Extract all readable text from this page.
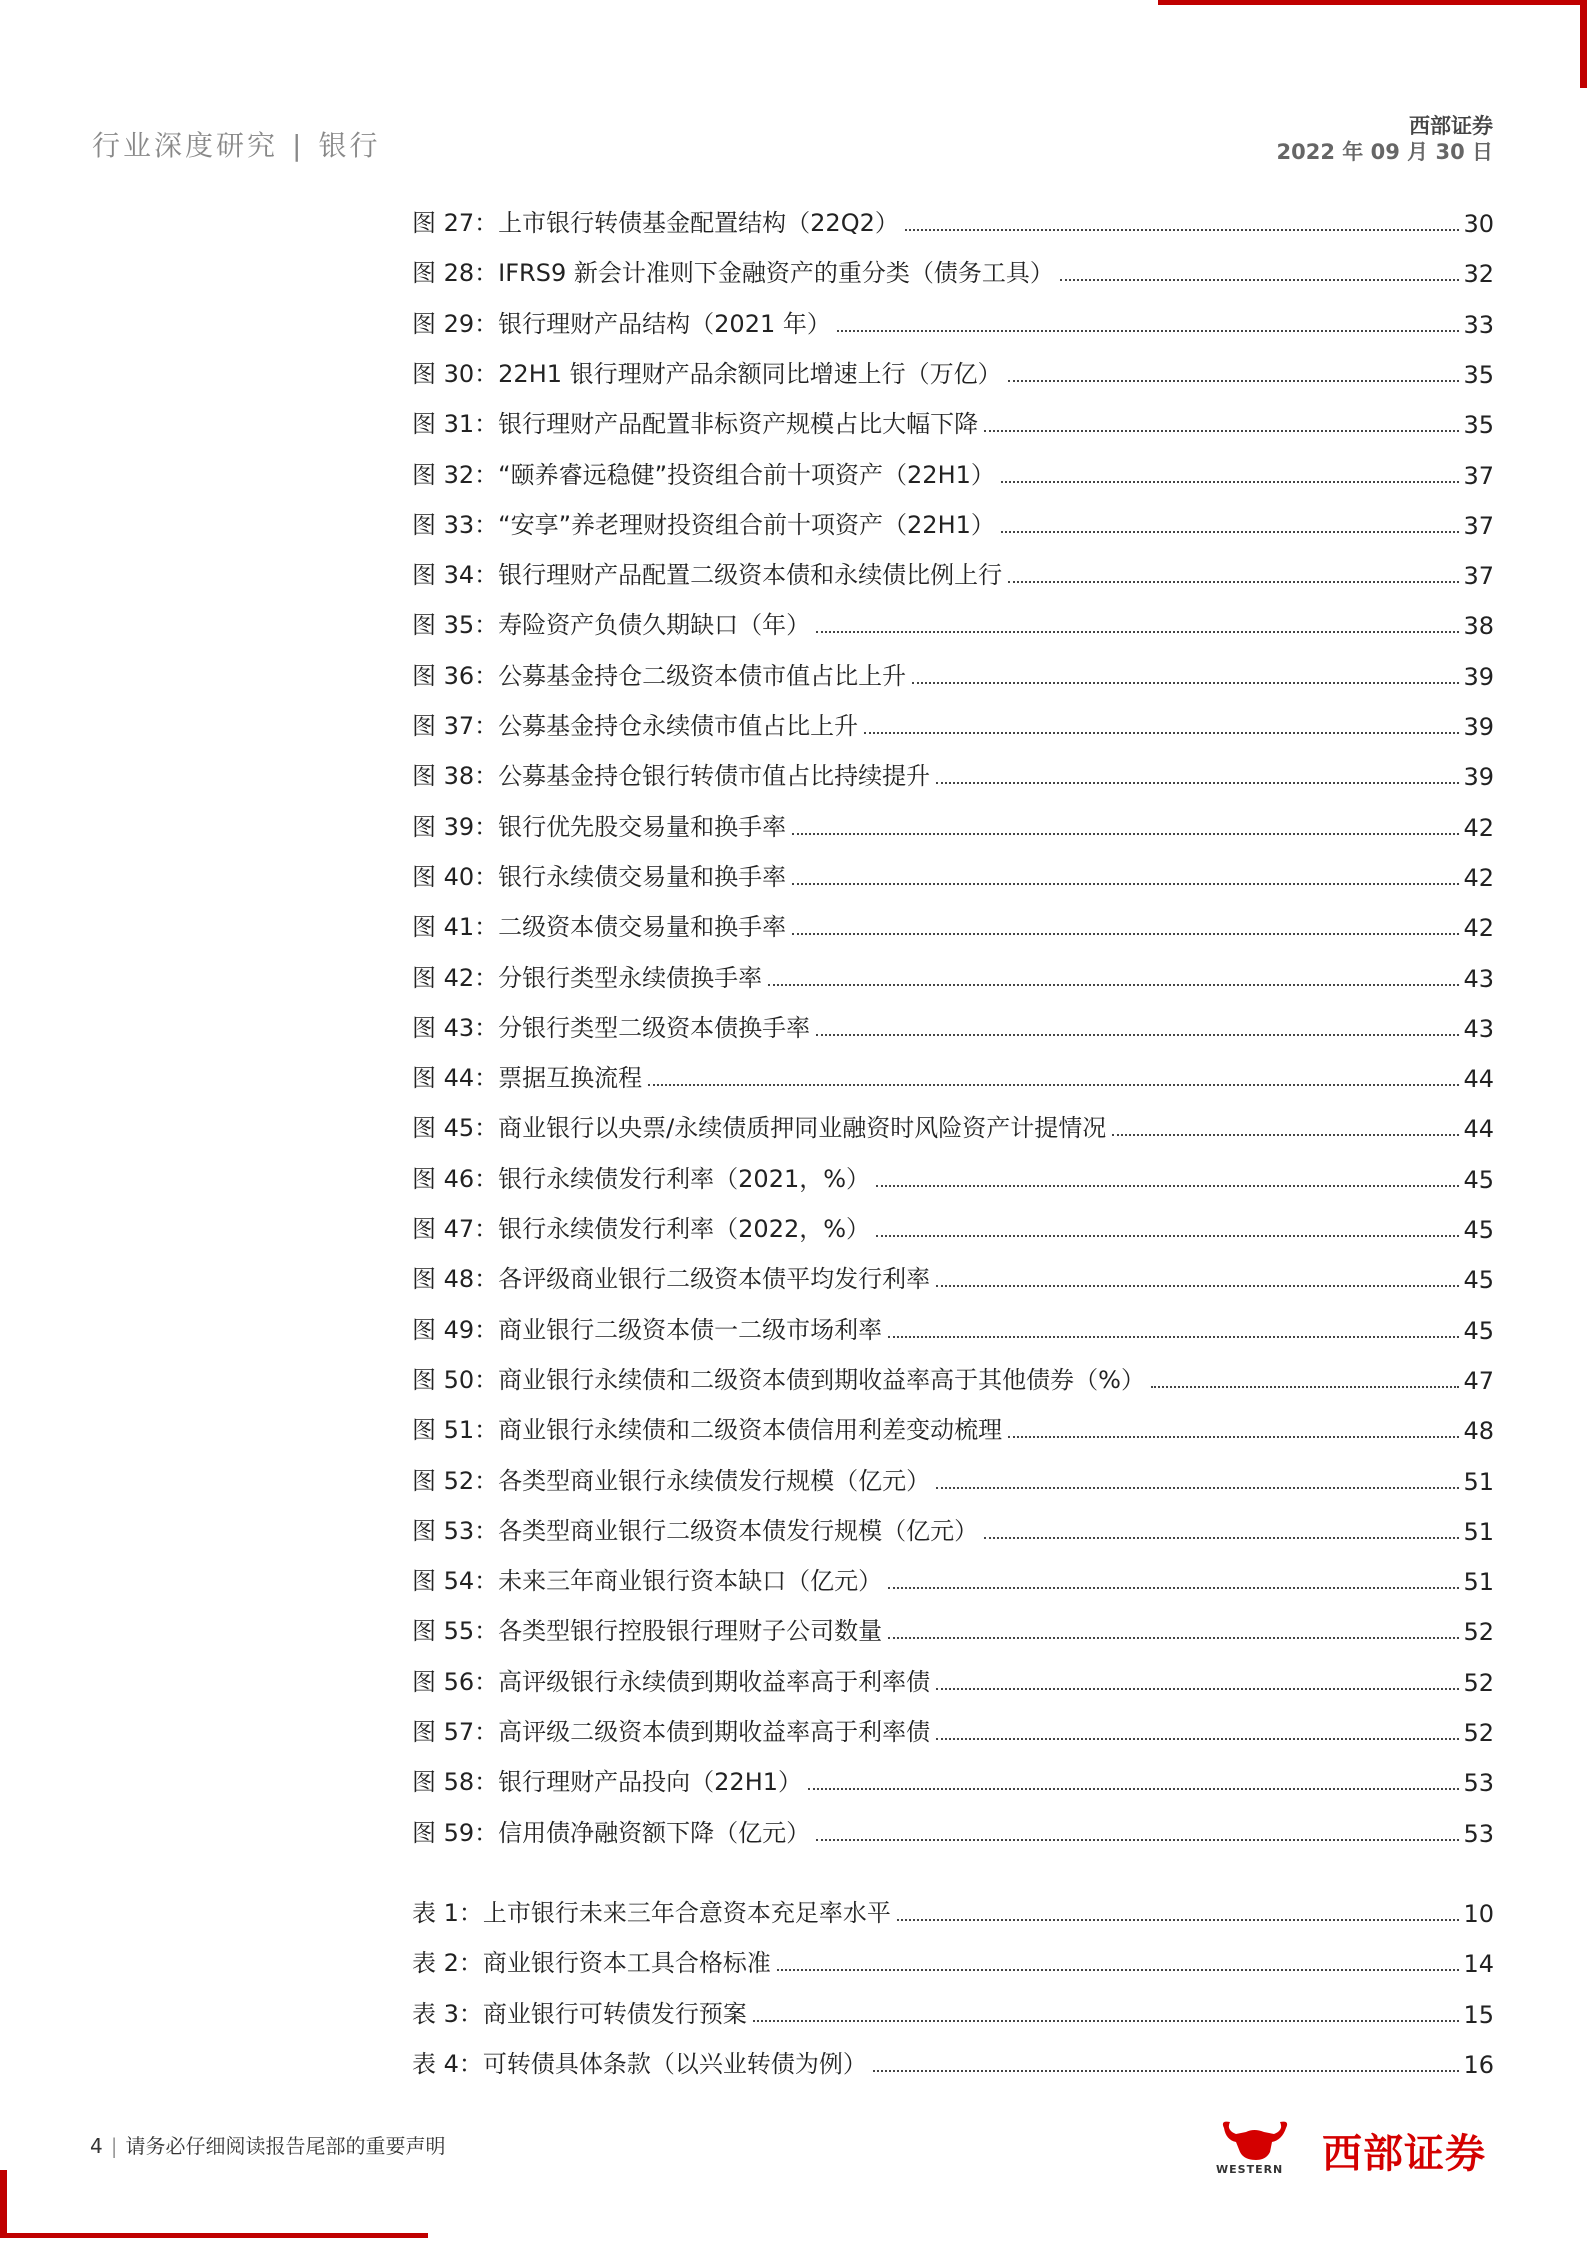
行业深度研究 | 银行
西部证券
2022 年 09 月 30 日
图 27：上市银行转债基金配置结构（22Q2）	30
图 28：IFRS9 新会计准则下金融资产的重分类（债务工具）	32
图 29：银行理财产品结构（2021 年）	33
图 30：22H1 银行理财产品余额同比增速上行（万亿）	35
图 31：银行理财产品配置非标资产规模占比大幅下降	35
图 32：“颐养睿远稳健”投资组合前十项资产（22H1）	37
图 33：“安享”养老理财投资组合前十项资产（22H1）	37
图 34：银行理财产品配置二级资本债和永续债比例上行	37
图 35：寿险资产负债久期缺口（年）	38
图 36：公募基金持仓二级资本债市值占比上升	39
图 37：公募基金持仓永续债市值占比上升	39
图 38：公募基金持仓银行转债市值占比持续提升	39
图 39：银行优先股交易量和换手率	42
图 40：银行永续债交易量和换手率	42
图 41：二级资本债交易量和换手率	42
图 42：分银行类型永续债换手率	43
图 43：分银行类型二级资本债换手率	43
图 44：票据互换流程	44
图 45：商业银行以央票/永续债质押同业融资时风险资产计提情况	44
图 46：银行永续债发行利率（2021，%）	45
图 47：银行永续债发行利率（2022，%）	45
图 48：各评级商业银行二级资本债平均发行利率	45
图 49：商业银行二级资本债一二级市场利率	45
图 50：商业银行永续债和二级资本债到期收益率高于其他债券（%）	47
图 51：商业银行永续债和二级资本债信用利差变动梳理	48
图 52：各类型商业银行永续债发行规模（亿元）	51
图 53：各类型商业银行二级资本债发行规模（亿元）	51
图 54：未来三年商业银行资本缺口（亿元）	51
图 55：各类型银行控股银行理财子公司数量	52
图 56：高评级银行永续债到期收益率高于利率债	52
图 57：高评级二级资本债到期收益率高于利率债	52
图 58：银行理财产品投向（22H1）	53
图 59：信用债净融资额下降（亿元）	53
表 1：上市银行未来三年合意资本充足率水平	10
表 2：商业银行资本工具合格标准	14
表 3：商业银行可转债发行预案	15
表 4：可转债具体条款（以兴业转债为例）	16
4 | 请务必仔细阅读报告尾部的重要声明
WESTERN 西部证券
